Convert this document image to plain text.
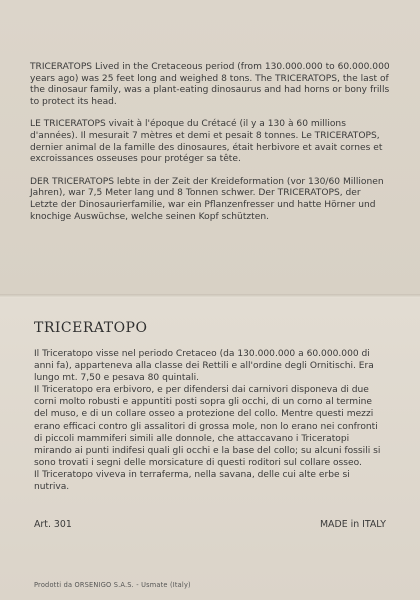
TRICERATOPS Lived in the Cretaceous period (from 130.000.000 to 60.000.000 years ago) was 25 feet long and weighed 8 tons. The TRICERATOPS, the last of the dinosaur family, was a plant-eating dinosaurus and had horns or bony frills to protect its head.

LE TRICERATOPS vivait à l'époque du Crétacé (il y a 130 à 60 millions d'années). Il mesurait 7 mètres et demi et pesait 8 tonnes. Le TRICERATOPS, dernier animal de la famille des dinosaures, était herbivore et avait cornes et excroissances osseuses pour protéger sa tête.

DER TRICERATOPS lebte in der Zeit der Kreideformation (vor 130/60 Millionen Jahren), war 7,5 Meter lang und 8 Tonnen schwer. Der TRICERATOPS, der Letzte der Dinosaurierfamilie, war ein Pflanzenfresser und hatte Hörner und knochige Auswüchse, welche seinen Kopf schützten.

TRICERATOPO
Il Triceratopo visse nel periodo Cretaceo (da 130.000.000 a 60.000.000 di anni fa), apparteneva alla classe dei Rettili e all'ordine degli Ornitischi. Era lungo mt. 7,50 e pesava 80 quintali.
Il Triceratopo era erbivoro, e per difendersi dai carnivori disponeva di due corni molto robusti e appuntiti posti sopra gli occhi, di un corno al termine del muso, e di un collare osseo a protezione del collo. Mentre questi mezzi erano efficaci contro gli assalitori di grossa mole, non lo erano nei confronti di piccoli mammiferi simili alle donnole, che attaccavano i Triceratopi mirando ai punti indifesi quali gli occhi e la base del collo; su alcuni fossili si sono trovati i segni delle morsicature di questi roditori sul collare osseo.
Il Triceratopo viveva in terraferma, nella savana, delle cui alte erbe si nutriva.
Art. 301	MADE in ITALY
Prodotti da ORSENIGO S.A.S. - Usmate (Italy)
